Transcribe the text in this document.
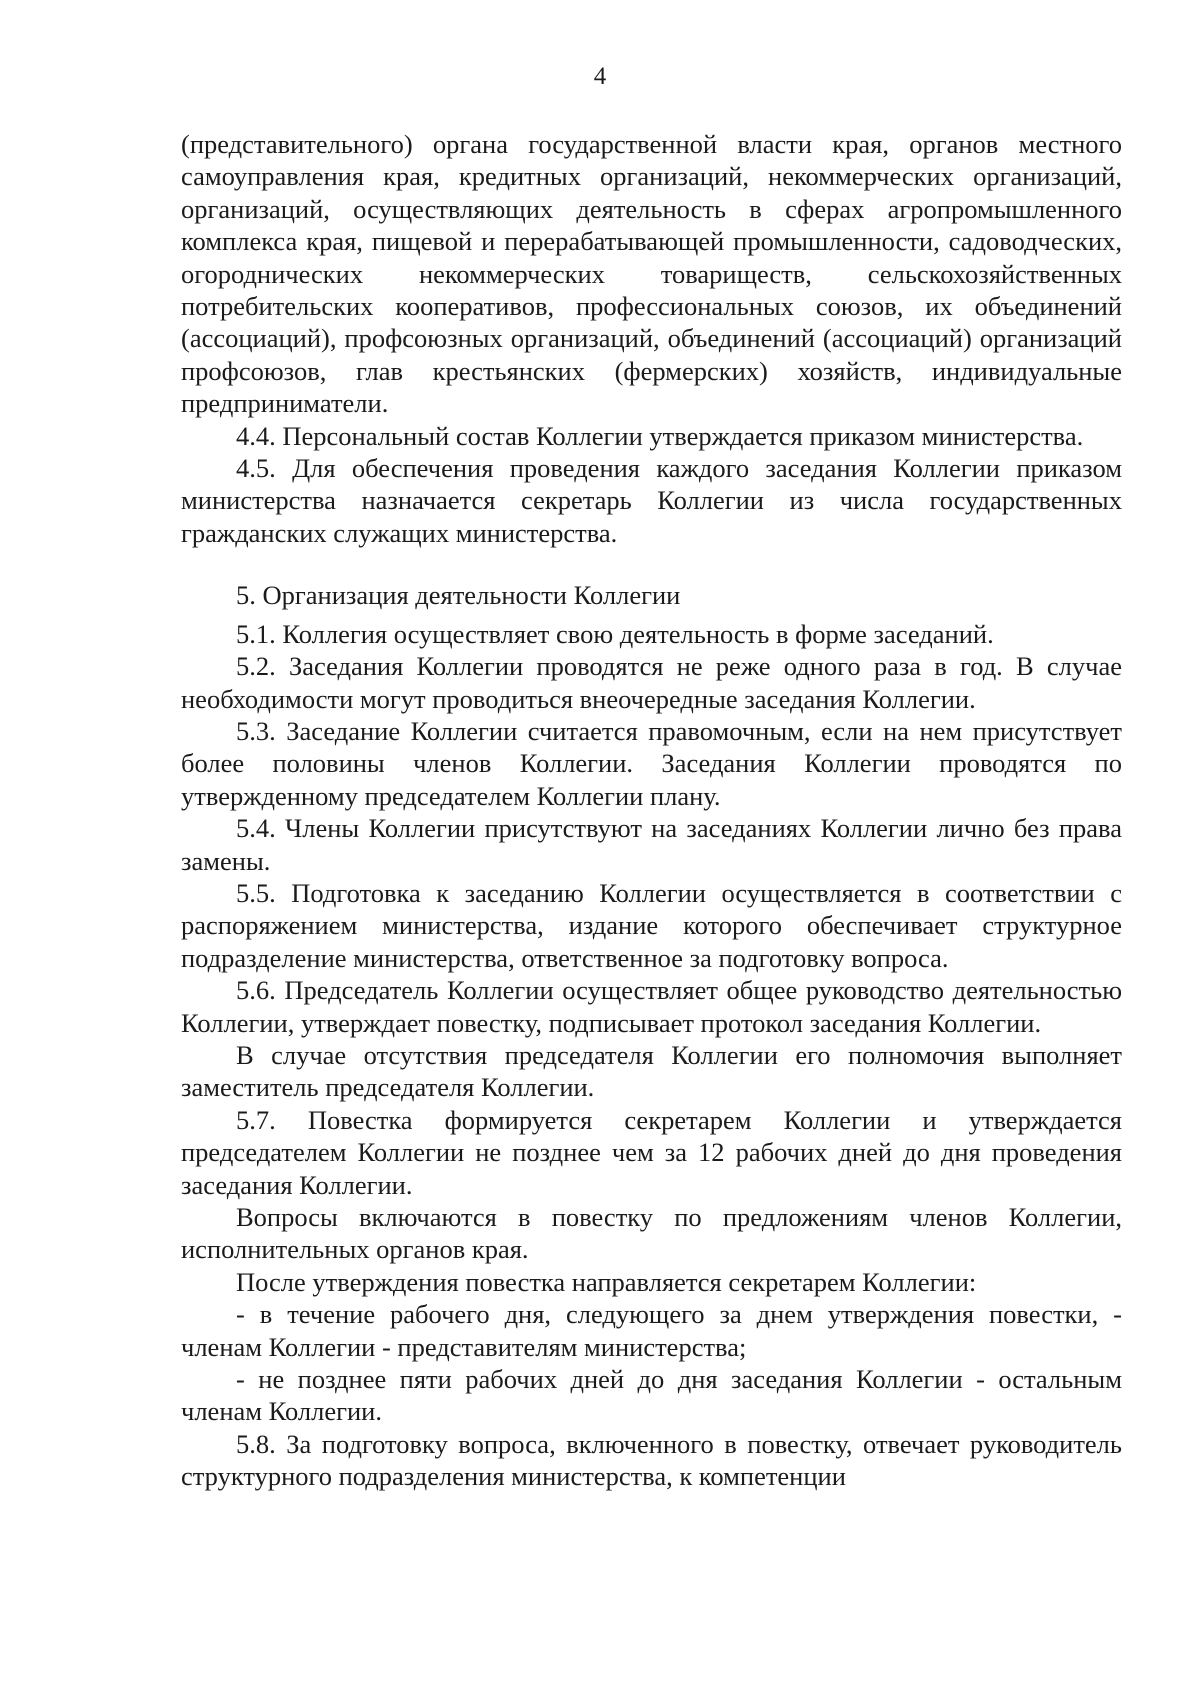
4

(представительного) органа государственной власти края, органов местного самоуправления края, кредитных организаций, некоммерческих организаций, организаций, осуществляющих деятельность в сферах агропромышленного комплекса края, пищевой и перерабатывающей промышленности, садоводческих, огороднических некоммерческих товариществ, сельскохозяйственных потребительских кооперативов, профессиональных союзов, их объединений (ассоциаций), профсоюзных организаций, объединений (ассоциаций) организаций профсоюзов, глав крестьянских (фермерских) хозяйств, индивидуальные предприниматели.

4.4. Персональный состав Коллегии утверждается приказом министерства.

4.5. Для обеспечения проведения каждого заседания Коллегии приказом министерства назначается секретарь Коллегии из числа государственных гражданских служащих министерства.

5. Организация деятельности Коллегии

5.1. Коллегия осуществляет свою деятельность в форме заседаний.

5.2. Заседания Коллегии проводятся не реже одного раза в год. В случае необходимости могут проводиться внеочередные заседания Коллегии.

5.3. Заседание Коллегии считается правомочным, если на нем присутствует более половины членов Коллегии. Заседания Коллегии проводятся по утвержденному председателем Коллегии плану.

5.4. Члены Коллегии присутствуют на заседаниях Коллегии лично без права замены.

5.5. Подготовка к заседанию Коллегии осуществляется в соответствии с распоряжением министерства, издание которого обеспечивает структурное подразделение министерства, ответственное за подготовку вопроса.

5.6. Председатель Коллегии осуществляет общее руководство деятельностью Коллегии, утверждает повестку, подписывает протокол заседания Коллегии.

В случае отсутствия председателя Коллегии его полномочия выполняет заместитель председателя Коллегии.

5.7. Повестка формируется секретарем Коллегии и утверждается председателем Коллегии не позднее чем за 12 рабочих дней до дня проведения заседания Коллегии.

Вопросы включаются в повестку по предложениям членов Коллегии, исполнительных органов края.

После утверждения повестка направляется секретарем Коллегии:

- в течение рабочего дня, следующего за днем утверждения повестки, - членам Коллегии - представителям министерства;

- не позднее пяти рабочих дней до дня заседания Коллегии - остальным членам Коллегии.

5.8. За подготовку вопроса, включенного в повестку, отвечает руководитель структурного подразделения министерства, к компетенции
